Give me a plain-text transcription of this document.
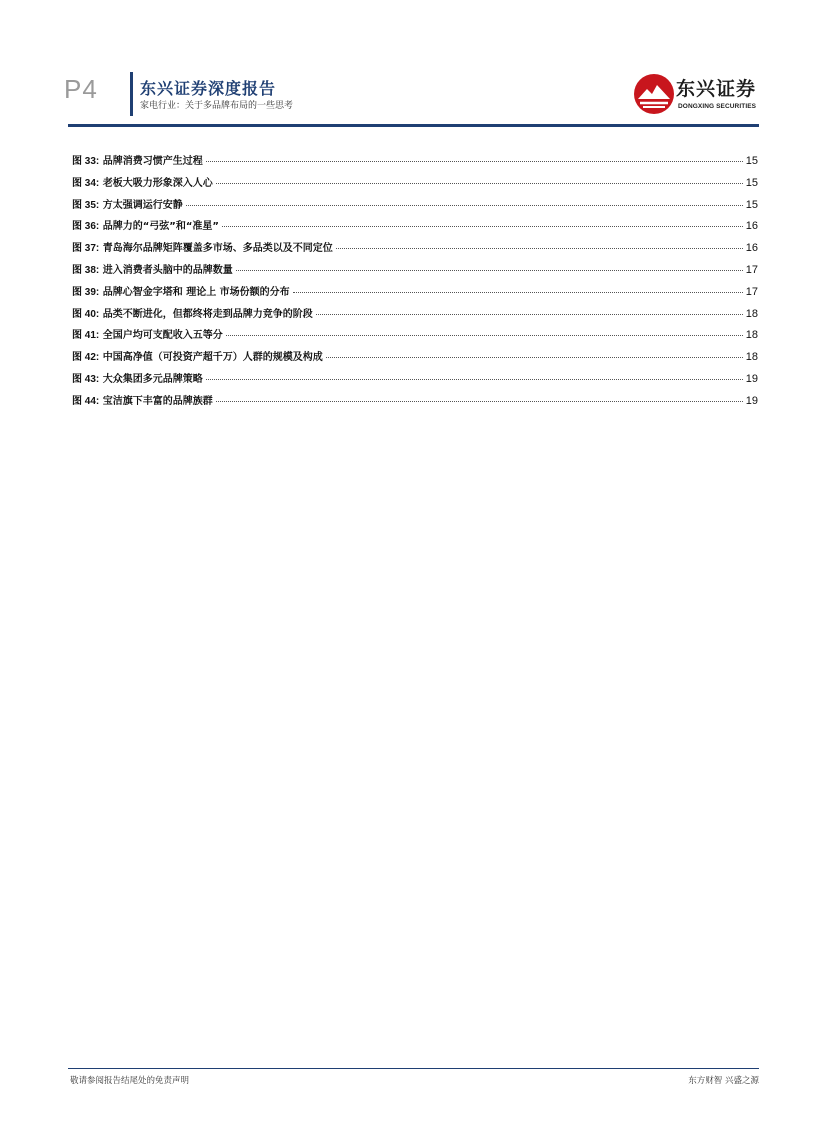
P4	东兴证券深度报告
家电行业：关于多品牌布局的一些思考
东兴证券
DONGXING SECURITIES
图 33: 品牌消费习惯产生过程	15
图 34: 老板大吸力形象深入人心	15
图 35: 方太强调运行安静	15
图 36: 品牌力的“弓弦”和“准星”	16
图 37: 青岛海尔品牌矩阵覆盖多市场、多品类以及不同定位	16
图 38: 进入消费者头脑中的品牌数量	17
图 39: 品牌心智金字塔和 理论上 市场份额的分布	17
图 40: 品类不断进化，但都终将走到品牌力竞争的阶段	18
图 41: 全国户均可支配收入五等分	18
图 42: 中国高净值（可投资产超千万）人群的规模及构成	18
图 43: 大众集团多元品牌策略	19
图 44: 宝洁旗下丰富的品牌族群	19
敬请参阅报告结尾处的免责声明	东方财智 兴盛之源
